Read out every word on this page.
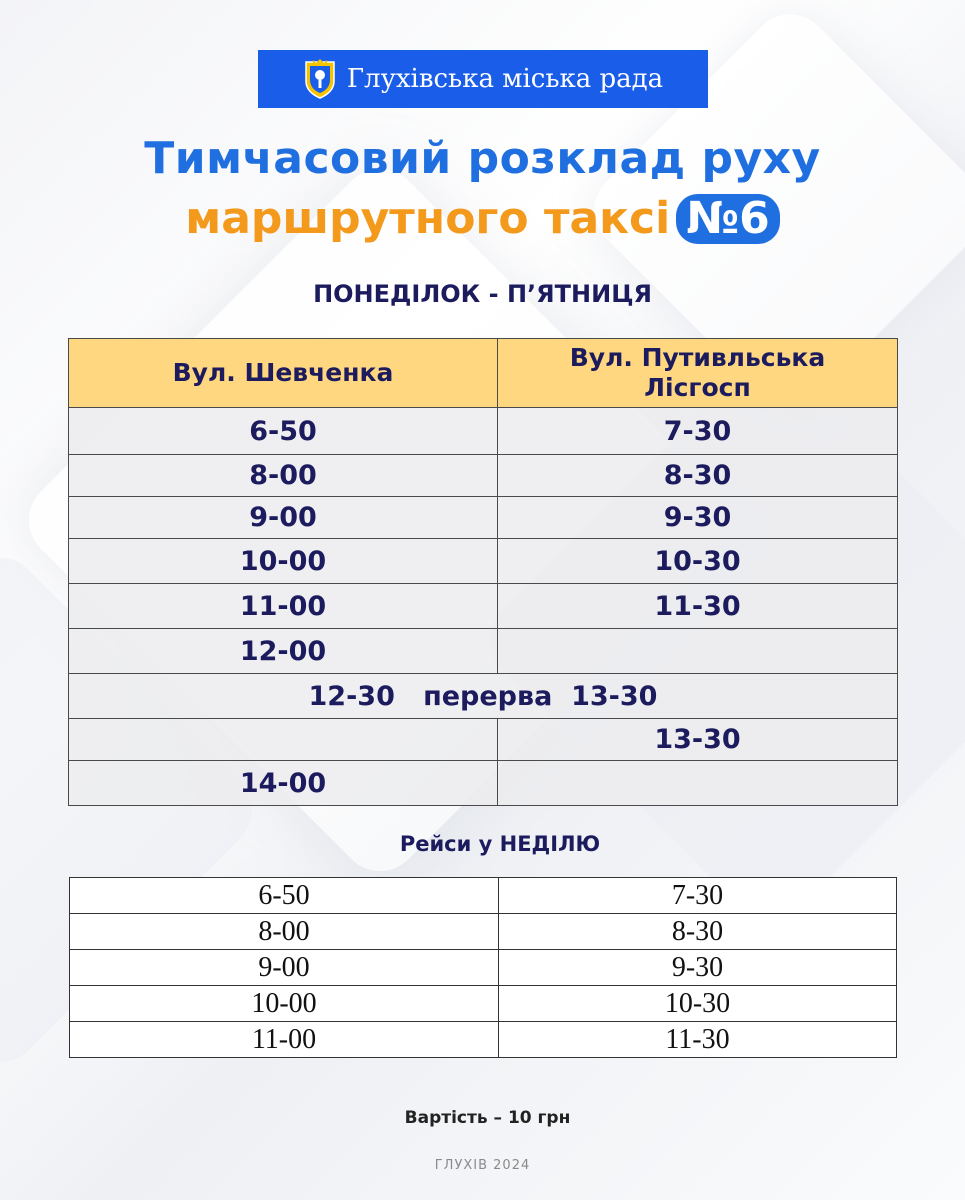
Глухівська міська рада
Тимчасовий розклад руху
маршрутного таксі №6
ПОНЕДІЛОК - П’ЯТНИЦЯ
Вул. Шевченка	Вул. Путивльська
Лісгосп
6-50	7-30
8-00	8-30
9-00	9-30
10-00	10-30
11-00	11-30
12-00	
12-30   перерва  13-30	
	13-30
14-00	
Рейси у НЕДІЛЮ
6-50	7-30
8-00	8-30
9-00	9-30
10-00	10-30
11-00	11-30
Вартість – 10 грн
ГЛУХІВ 2024
